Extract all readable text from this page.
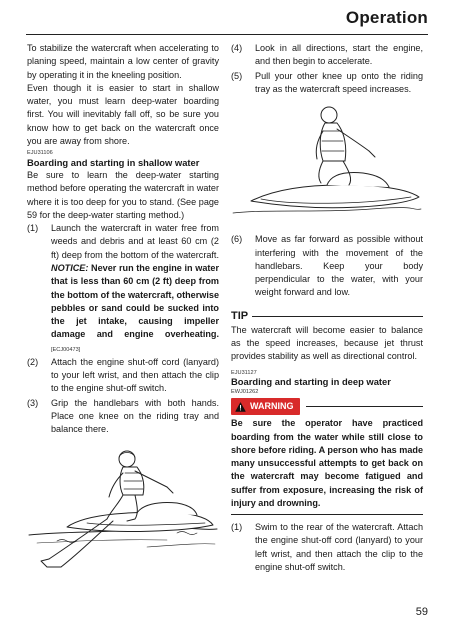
Operation

To stabilize the watercraft when accelerating to planing speed, maintain a low center of gravity by operating it in the kneeling position.

Even though it is easier to start in shallow water, you must learn deep-water boarding first. You will inevitably fall off, so be sure you know how to get back on the watercraft once you are away from shore.

EJU31106
Boarding and starting in shallow water

Be sure to learn the deep-water starting method before operating the watercraft in water where it is too deep for you to stand. (See page 59 for the deep-water starting method.)

(1) Launch the watercraft in water free from weeds and debris and at least 60 cm (2 ft) deep from the bottom of the watercraft. NOTICE: Never run the engine in water that is less than 60 cm (2 ft) deep from the bottom of the watercraft, otherwise pebbles or sand could be sucked into the jet intake, causing impeller damage and engine overheating. [ECJ00473]
(2) Attach the engine shut-off cord (lanyard) to your left wrist, and then attach the clip to the engine shut-off switch.
(3) Grip the handlebars with both hands. Place one knee on the riding tray and balance there.
(4) Look in all directions, start the engine, and then begin to accelerate.
(5) Pull your other knee up onto the riding tray as the watercraft speed increases.
(6) Move as far forward as possible without interfering with the movement of the handlebars. Keep your body perpendicular to the water, with your weight forward and low.
TIP

The watercraft will become easier to balance as the speed increases, because jet thrust provides stability as well as directional control.

EJU31127
Boarding and starting in deep water
EWJ01262
WARNING

Be sure the operator have practiced boarding from the water while still close to shore before riding. A person who has made many unsuccessful attempts to get back on the watercraft may become fatigued and suffer from exposure, increasing the risk of injury and drowning.

(1) Swim to the rear of the watercraft. Attach the engine shut-off cord (lanyard) to your left wrist, and then attach the clip to the engine shut-off switch.
59
